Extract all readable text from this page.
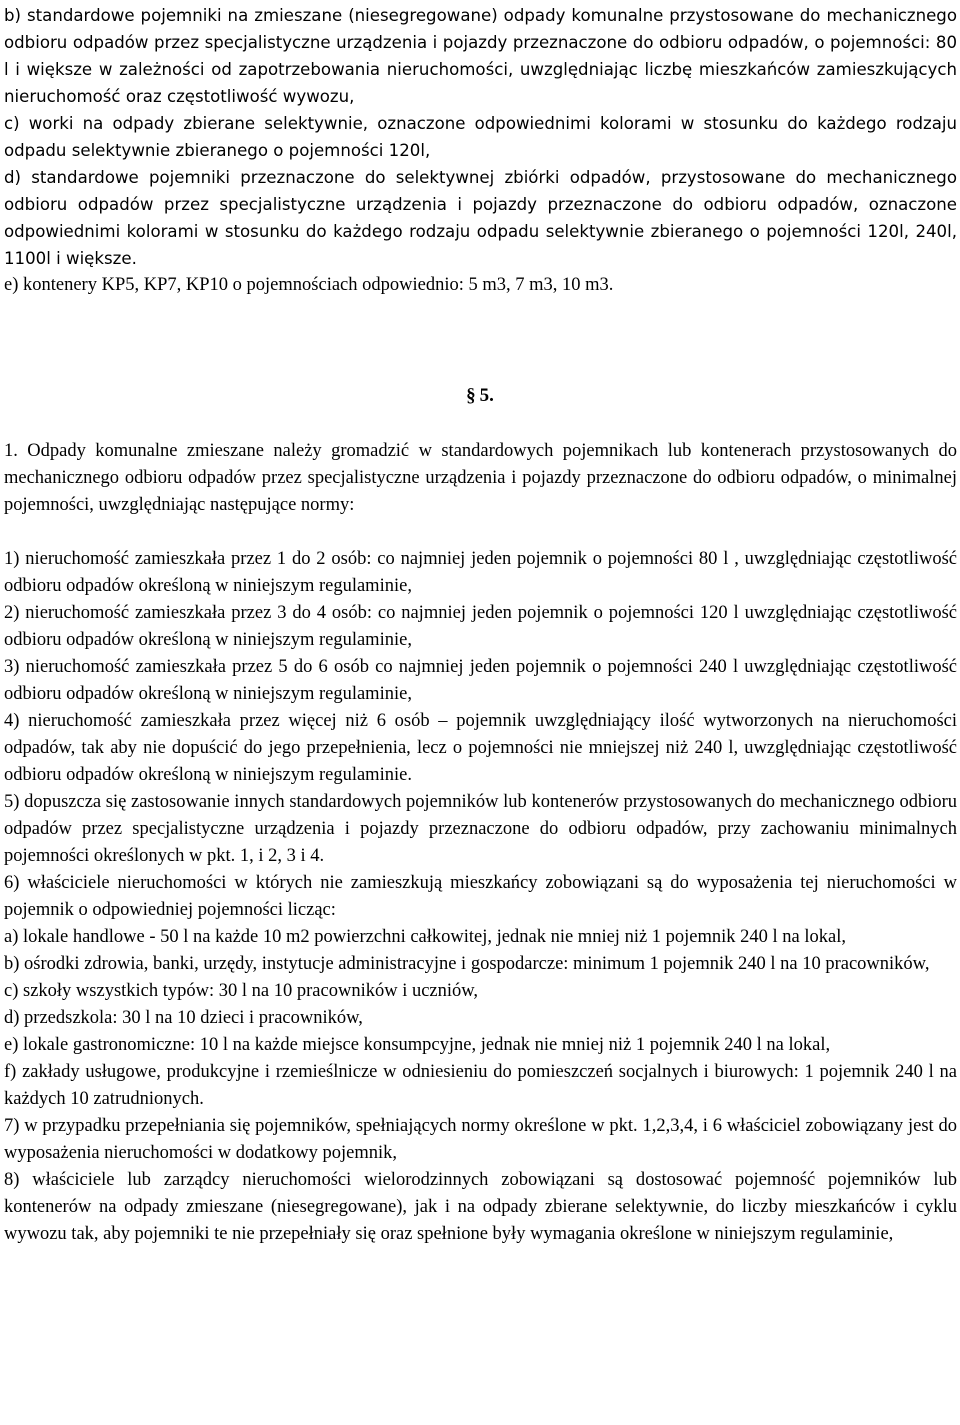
b) standardowe pojemniki na zmieszane (niesegregowane) odpady komunalne przystosowane do mechanicznego odbioru odpadów przez specjalistyczne urządzenia i pojazdy przeznaczone do odbioru odpadów, o pojemności: 80 l i większe w zależności od zapotrzebowania nieruchomości, uwzględniając liczbę mieszkańców zamieszkujących nieruchomość oraz częstotliwość wywozu,

c) worki na odpady zbierane selektywnie, oznaczone odpowiednimi kolorami w stosunku do każdego rodzaju odpadu selektywnie zbieranego o pojemności 120l,

d) standardowe pojemniki przeznaczone do selektywnej zbiórki odpadów, przystosowane do mechanicznego odbioru odpadów przez specjalistyczne urządzenia i pojazdy przeznaczone do odbioru odpadów, oznaczone odpowiednimi kolorami w stosunku do każdego rodzaju odpadu selektywnie zbieranego o pojemności 120l, 240l, 1100l i większe.

e) kontenery KP5, KP7, KP10 o pojemnościach odpowiednio: 5 m3, 7 m3, 10 m3.

§ 5.

1. Odpady komunalne zmieszane należy gromadzić w standardowych pojemnikach lub kontenerach przystosowanych do mechanicznego odbioru odpadów przez specjalistyczne urządzenia i pojazdy przeznaczone do odbioru odpadów, o minimalnej pojemności, uwzględniając następujące normy:

1) nieruchomość zamieszkała przez 1 do 2 osób: co najmniej jeden pojemnik o pojemności 80 l , uwzględniając częstotliwość odbioru odpadów określoną w niniejszym regulaminie,

2) nieruchomość zamieszkała przez 3 do 4 osób: co najmniej jeden pojemnik o pojemności 120 l uwzględniając częstotliwość odbioru odpadów określoną w niniejszym regulaminie,

3) nieruchomość zamieszkała przez 5 do 6 osób co najmniej jeden pojemnik o pojemności 240 l uwzględniając częstotliwość odbioru odpadów określoną w niniejszym regulaminie,

4) nieruchomość zamieszkała przez więcej niż 6 osób – pojemnik uwzględniający ilość wytworzonych na nieruchomości odpadów, tak aby nie dopuścić do jego przepełnienia, lecz o pojemności nie mniejszej niż 240 l, uwzględniając częstotliwość odbioru odpadów określoną w niniejszym regulaminie.

5) dopuszcza się zastosowanie innych standardowych pojemników lub kontenerów przystosowanych do mechanicznego odbioru odpadów przez specjalistyczne urządzenia i pojazdy przeznaczone do odbioru odpadów, przy zachowaniu minimalnych pojemności określonych w pkt. 1, i 2, 3 i 4.

6) właściciele nieruchomości w których nie zamieszkują mieszkańcy zobowiązani są do wyposażenia tej nieruchomości w pojemnik o odpowiedniej pojemności licząc:

a) lokale handlowe - 50 l na każde 10 m2 powierzchni całkowitej, jednak nie mniej niż 1 pojemnik 240 l na lokal,

b) ośrodki zdrowia, banki, urzędy, instytucje administracyjne i gospodarcze: minimum 1 pojemnik 240 l na 10 pracowników,

c) szkoły wszystkich typów: 30 l na 10 pracowników i uczniów,

d) przedszkola: 30 l na 10 dzieci i pracowników,

e) lokale gastronomiczne: 10 l na każde miejsce konsumpcyjne, jednak nie mniej niż 1 pojemnik 240 l na lokal,

f) zakłady usługowe, produkcyjne i rzemieślnicze w odniesieniu do pomieszczeń socjalnych i biurowych: 1 pojemnik 240 l na każdych 10 zatrudnionych.

7) w przypadku przepełniania się pojemników, spełniających normy określone w pkt. 1,2,3,4, i 6 właściciel zobowiązany jest do wyposażenia nieruchomości w dodatkowy pojemnik,

8) właściciele lub zarządcy nieruchomości wielorodzinnych zobowiązani są dostosować pojemność pojemników lub kontenerów na odpady zmieszane (niesegregowane), jak i na odpady zbierane selektywnie, do liczby mieszkańców i cyklu wywozu tak, aby pojemniki te nie przepełniały się oraz spełnione były wymagania określone w niniejszym regulaminie,
